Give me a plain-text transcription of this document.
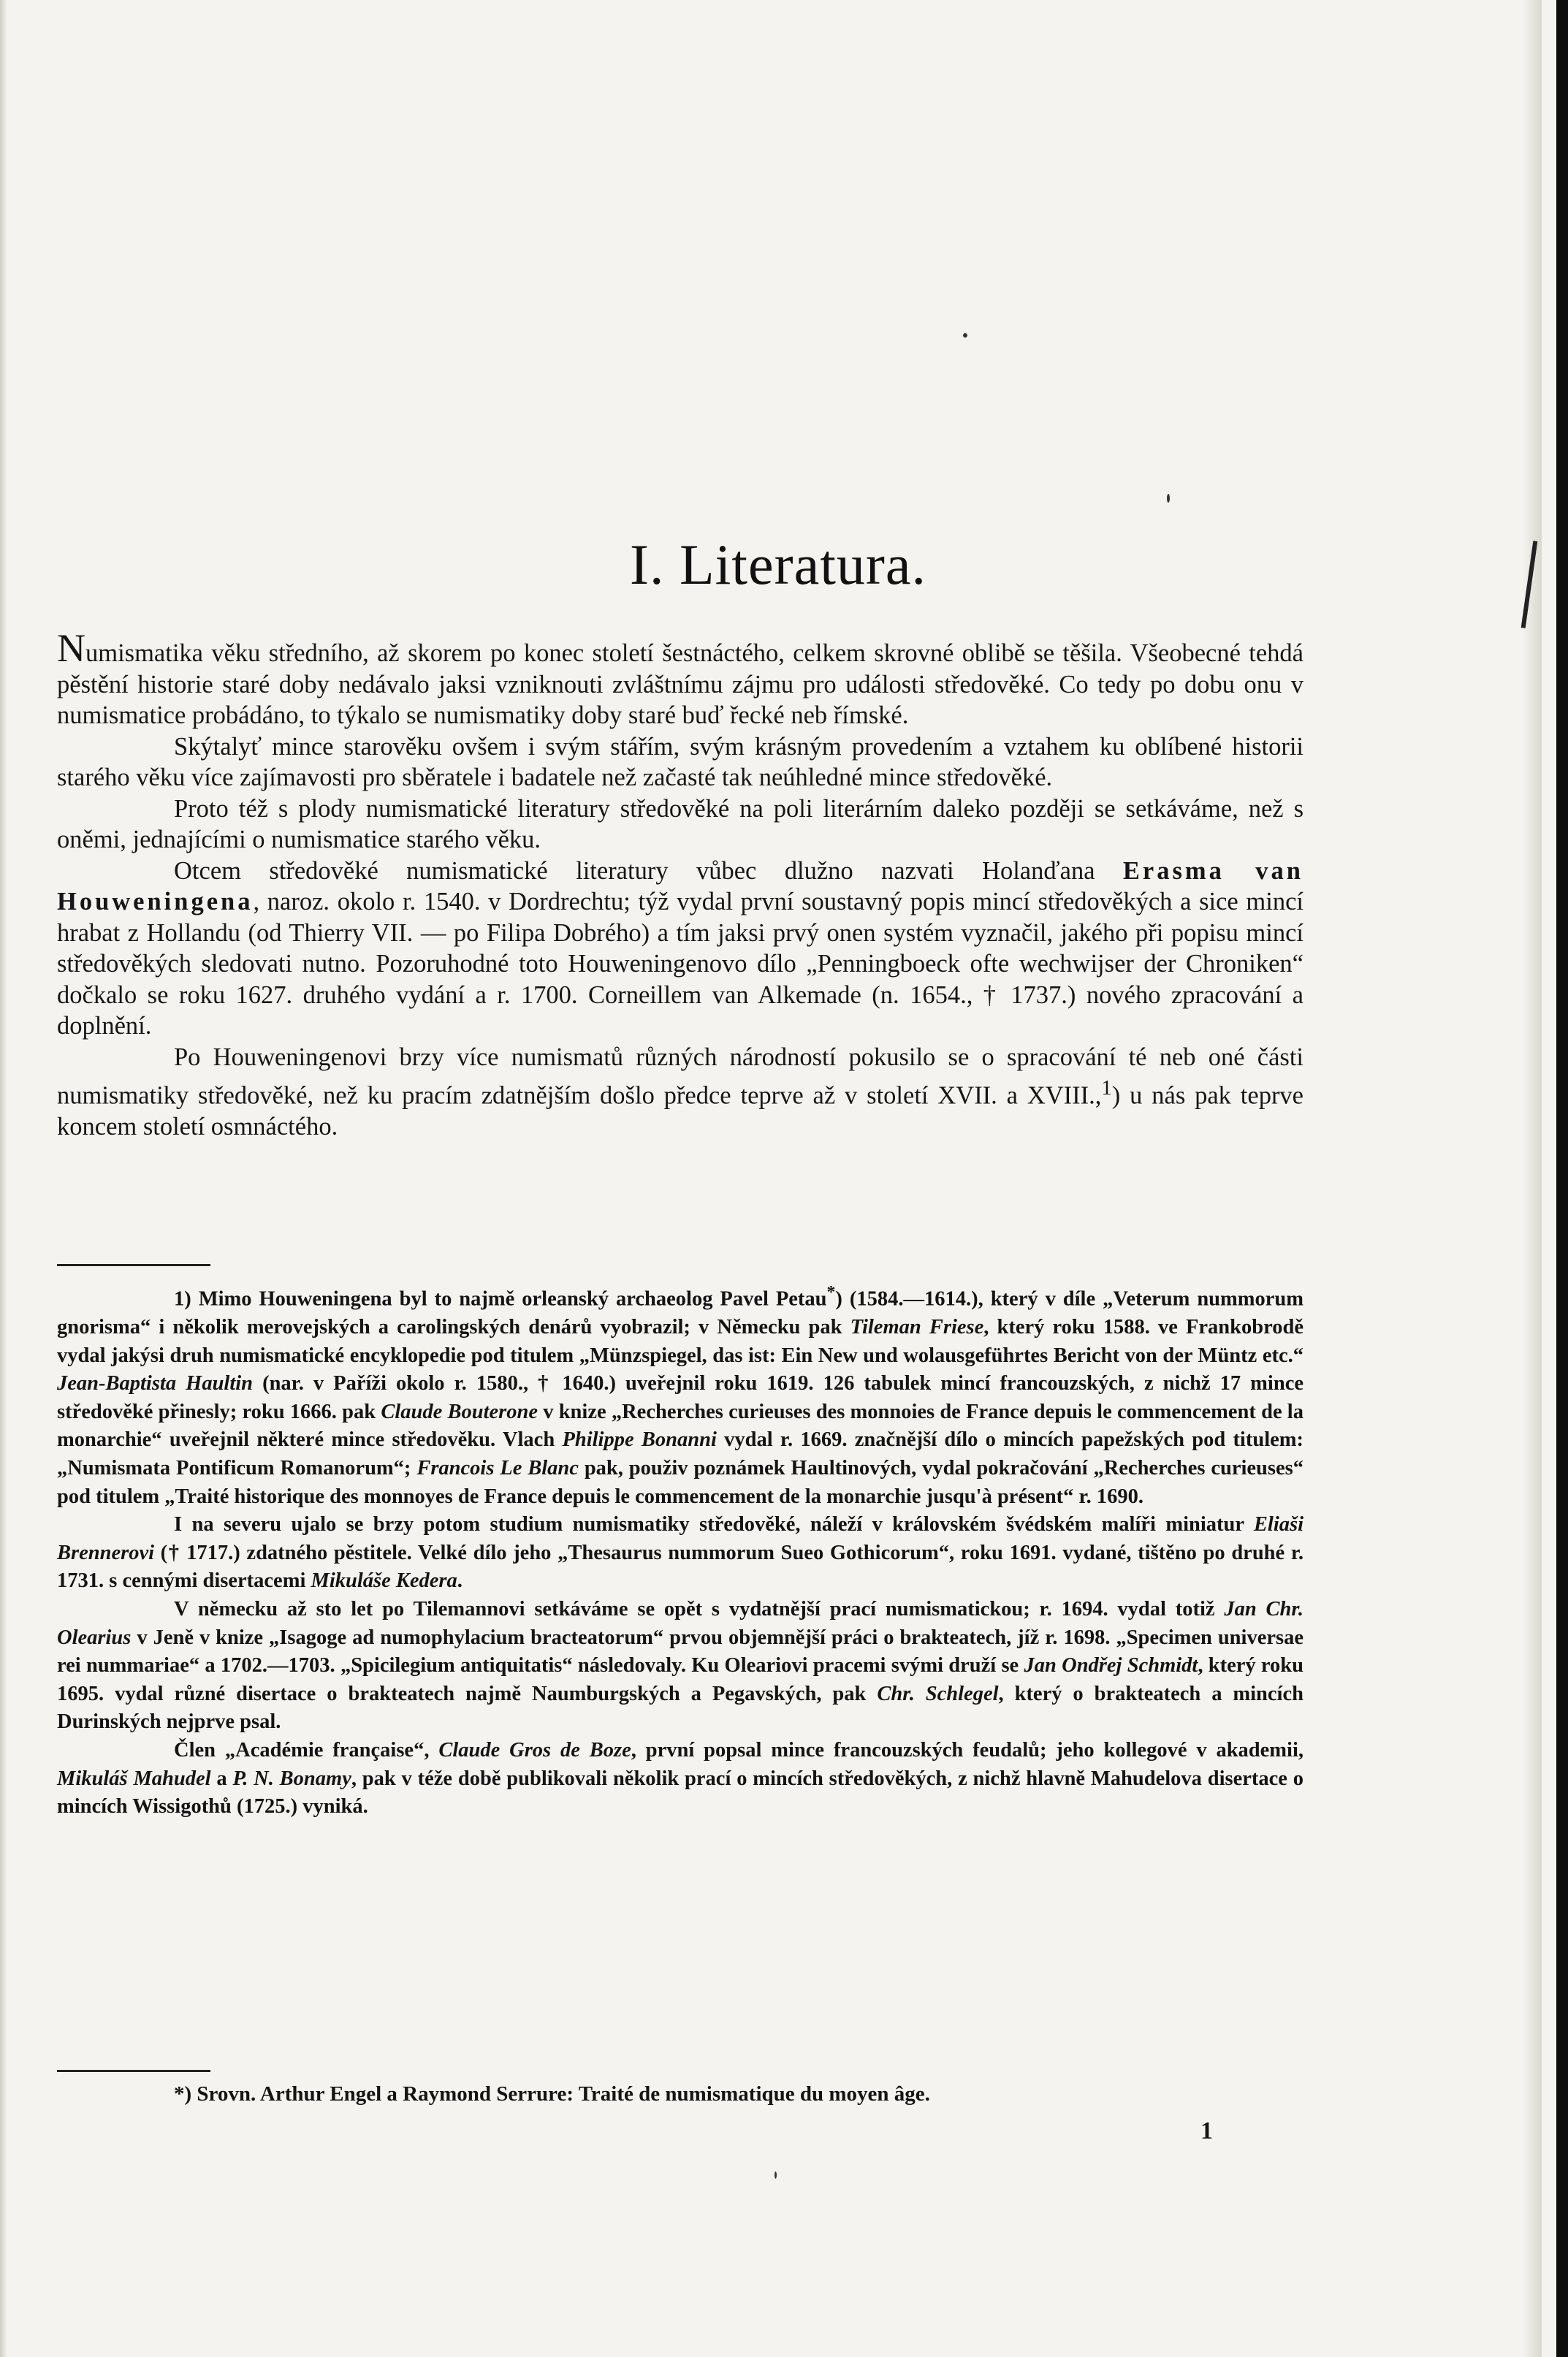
I. Literatura.

Numismatika věku středního, až skorem po konec století šestnáctého, celkem skrovné oblibě se těšila. Všeobecné tehdá pěstění historie staré doby nedávalo jaksi vzniknouti zvláštnímu zájmu pro události středověké. Co tedy po dobu onu v numismatice probádáno, to týkalo se numismatiky doby staré buď řecké neb římské.

Skýtalyť mince starověku ovšem i svým stářím, svým krásným provedením a vztahem ku oblíbené historii starého věku více zajímavosti pro sběratele i badatele než začasté tak neúhledné mince středověké.

Proto též s plody numismatické literatury středověké na poli literárním daleko později se setkáváme, než s oněmi, jednajícími o numismatice starého věku.

Otcem středověké numismatické literatury vůbec dlužno nazvati Holanďana Erasma van Houweningena, naroz. okolo r. 1540. v Dordrechtu; týž vydal první soustavný popis mincí středověkých a sice mincí hrabat z Hollandu (od Thierry VII. — po Filipa Dobrého) a tím jaksi prvý onen systém vyznačil, jakého při popisu mincí středověkých sledovati nutno. Pozoruhodné toto Houweningenovo dílo „Penningboeck ofte wechwijser der Chroniken“ dočkalo se roku 1627. druhého vydání a r. 1700. Corneillem van Alkemade (n. 1654., † 1737.) nového zpracování a doplnění.

Po Houweningenovi brzy více numismatů různých národností pokusilo se o spracování té neb oné části numismatiky středověké, než ku pracím zdatnějším došlo předce teprve až v století XVII. a XVIII.,$^1$) u nás pak teprve koncem století osmnáctého.

1) Mimo Houweningena byl to najmě orleanský archaeolog Pavel Petau*) (1584.—1614.), který v díle „Veterum nummorum gnorisma“ i několik merovejských a carolingských denárů vyobrazil; v Německu pak Tileman Friese, který roku 1588. ve Frankobrodě vydal jakýsi druh numismatické encyklopedie pod titulem „Münzspiegel, das ist: Ein New und wolausgeführtes Bericht von der Müntz etc.“ Jean-Baptista Haultin (nar. v Paříži okolo r. 1580., † 1640.) uveřejnil roku 1619. 126 tabulek mincí francouzských, z nichž 17 mince středověké přinesly; roku 1666. pak Claude Bouterone v knize „Recherches curieuses des monnoies de France depuis le commencement de la monarchie“ uveřejnil některé mince středověku. Vlach Philippe Bonanni vydal r. 1669. značnější dílo o mincích papežských pod titulem: „Numismata Pontificum Romanorum“; Francois Le Blanc pak, použiv poznámek Haultinových, vydal pokračování „Recherches curieuses“ pod titulem „Traité historique des monnoyes de France depuis le commencement de la monarchie jusqu'à présent“ r. 1690.

I na severu ujalo se brzy potom studium numismatiky středověké, náleží v královském švédském malíři miniatur Eliaši Brennerovi († 1717.) zdatného pěstitele. Velké dílo jeho „Thesaurus nummorum Sueo Gothicorum“, roku 1691. vydané, tištěno po druhé r. 1731. s cennými disertacemi Mikuláše Kedera.

V německu až sto let po Tilemannovi setkáváme se opět s vydatnější prací numismatickou; r. 1694. vydal totiž Jan Chr. Olearius v Jeně v knize „Isagoge ad numophylacium bracteatorum“ prvou objemnější práci o brakteatech, jíž r. 1698. „Specimen universae rei nummariae“ a 1702.—1703. „Spicilegium antiquitatis“ následovaly. Ku Oleariovi pracemi svými druží se Jan Ondřej Schmidt, který roku 1695. vydal různé disertace o brakteatech najmě Naumburgských a Pegavských, pak Chr. Schlegel, který o brakteatech a mincích Durinských nejprve psal.

Člen „Académie française“, Claude Gros de Boze, první popsal mince francouzských feudalů; jeho kollegové v akademii, Mikuláš Mahudel a P. N. Bonamy, pak v téže době publikovali několik prací o mincích středověkých, z nichž hlavně Mahudelova disertace o mincích Wissigothů (1725.) vyniká.

*) Srovn. Arthur Engel a Raymond Serrure: Traité de numismatique du moyen âge.
1
